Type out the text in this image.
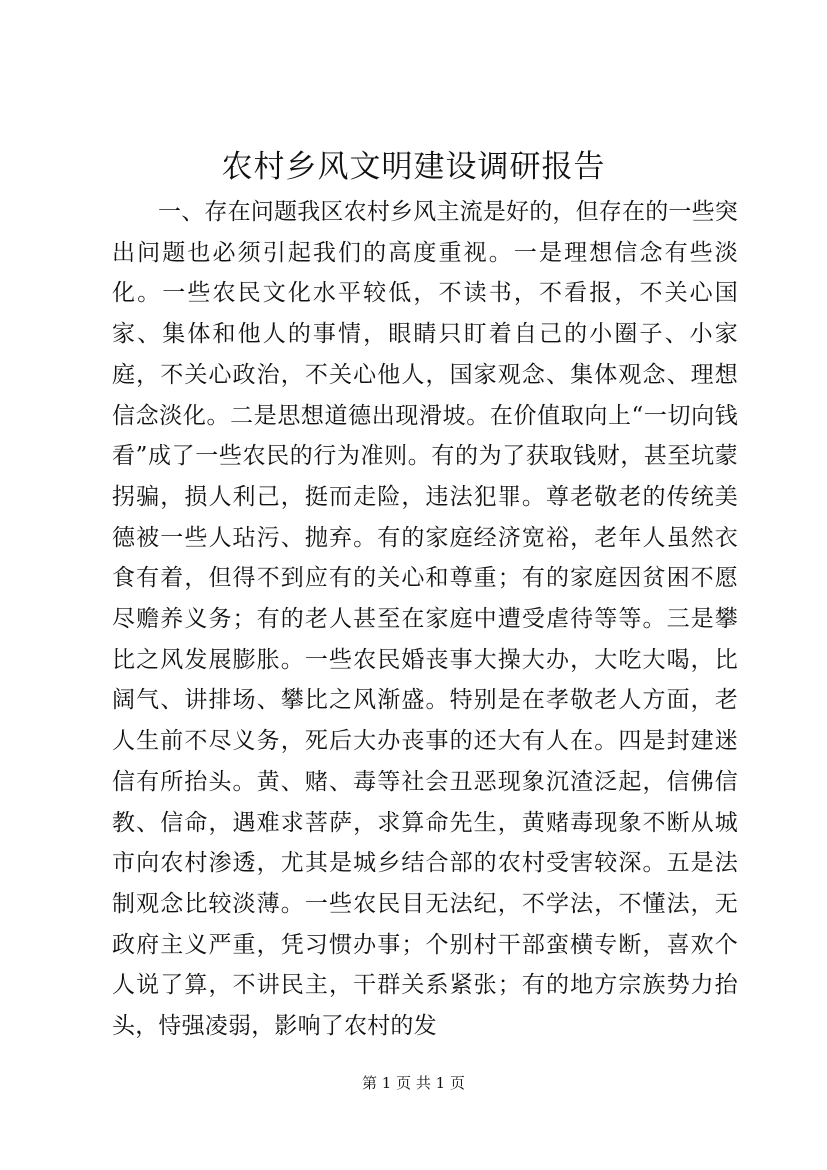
农村乡风文明建设调研报告

一、存在问题我区农村乡风主流是好的，但存在的一些突出问题也必须引起我们的高度重视。一是理想信念有些淡化。一些农民文化水平较低，不读书，不看报，不关心国家、集体和他人的事情，眼睛只盯着自己的小圈子、小家庭，不关心政治，不关心他人，国家观念、集体观念、理想信念淡化。二是思想道德出现滑坡。在价值取向上“一切向钱看”成了一些农民的行为准则。有的为了获取钱财，甚至坑蒙拐骗，损人利己，挺而走险，违法犯罪。尊老敬老的传统美德被一些人玷污、抛弃。有的家庭经济宽裕，老年人虽然衣食有着，但得不到应有的关心和尊重；有的家庭因贫困不愿尽赡养义务；有的老人甚至在家庭中遭受虐待等等。三是攀比之风发展膨胀。一些农民婚丧事大操大办，大吃大喝，比阔气、讲排场、攀比之风渐盛。特别是在孝敬老人方面，老人生前不尽义务，死后大办丧事的还大有人在。四是封建迷信有所抬头。黄、赌、毒等社会丑恶现象沉渣泛起，信佛信教、信命，遇难求菩萨，求算命先生，黄赌毒现象不断从城市向农村渗透，尤其是城乡结合部的农村受害较深。五是法制观念比较淡薄。一些农民目无法纪，不学法，不懂法，无政府主义严重，凭习惯办事；个别村干部蛮横专断，喜欢个人说了算，不讲民主，干群关系紧张；有的地方宗族势力抬头，恃强凌弱，影响了农村的发

第 1 页 共 1 页
